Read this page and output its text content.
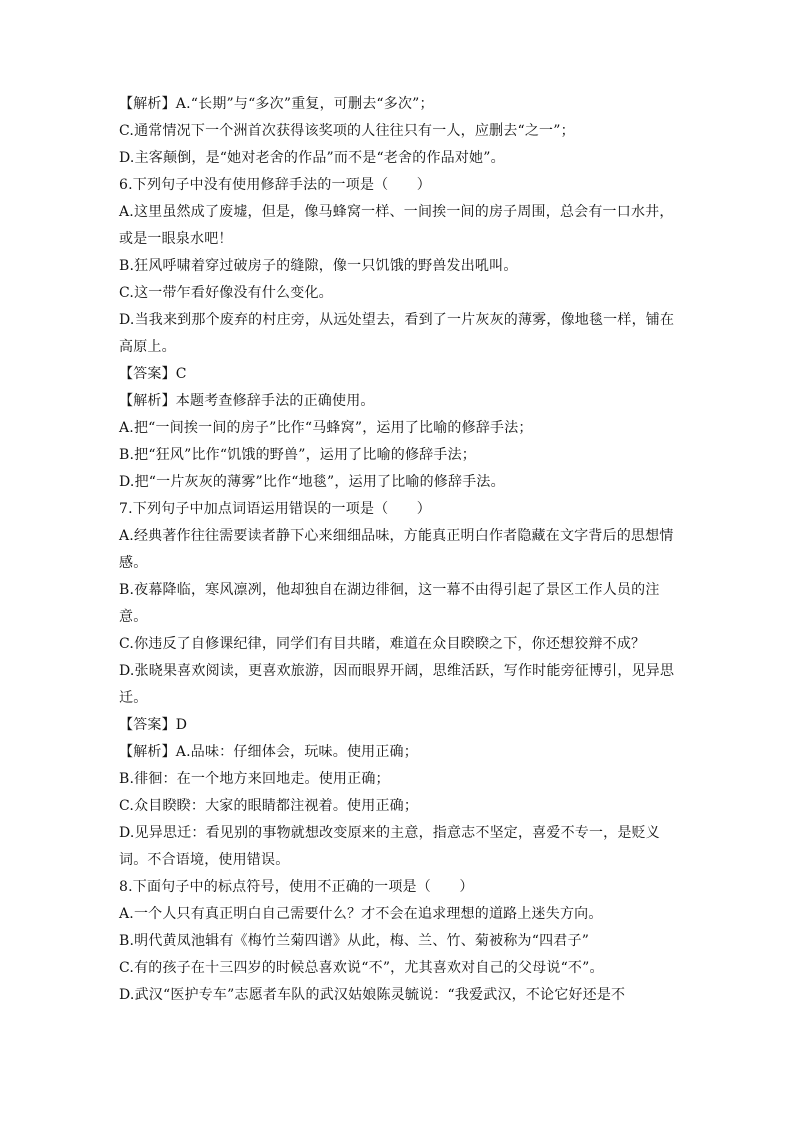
【解析】A.“长期”与“多次”重复，可删去“多次”；
C.通常情况下一个洲首次获得该奖项的人往往只有一人，应删去“之一”；
D.主客颠倒，是“她对老舍的作品”而不是“老舍的作品对她”。
6.下列句子中没有使用修辞手法的一项是（　　）
A.这里虽然成了废墟，但是，像马蜂窝一样、一间挨一间的房子周围，总会有一口水井，
或是一眼泉水吧！
B.狂风呼啸着穿过破房子的缝隙，像一只饥饿的野兽发出吼叫。
C.这一带乍看好像没有什么变化。
D.当我来到那个废弃的村庄旁，从远处望去，看到了一片灰灰的薄雾，像地毯一样，铺在
高原上。
【答案】C
【解析】本题考查修辞手法的正确使用。
A.把“一间挨一间的房子”比作“马蜂窝”，运用了比喻的修辞手法；
B.把“狂风”比作“饥饿的野兽”，运用了比喻的修辞手法；
D.把“一片灰灰的薄雾”比作“地毯”，运用了比喻的修辞手法。
7.下列句子中加点词语运用错误的一项是（　　）
A.经典著作往往需要读者静下心来细细品味，方能真正明白作者隐藏在文字背后的思想情
感。
B.夜幕降临，寒风凛冽，他却独自在湖边徘徊，这一幕不由得引起了景区工作人员的注
意。
C.你违反了自修课纪律，同学们有目共睹，难道在众目睽睽之下，你还想狡辩不成？
D.张晓果喜欢阅读，更喜欢旅游，因而眼界开阔，思维活跃，写作时能旁征博引，见异思
迁。
【答案】D
【解析】A.品味：仔细体会，玩味。使用正确；
B.徘徊：在一个地方来回地走。使用正确；
C.众目睽睽：大家的眼睛都注视着。使用正确；
D.见异思迁：看见别的事物就想改变原来的主意，指意志不坚定，喜爱不专一，是贬义
词。不合语境，使用错误。
8.下面句子中的标点符号，使用不正确的一项是（　　）
A.一个人只有真正明白自己需要什么？才不会在追求理想的道路上迷失方向。
B.明代黄凤池辑有《梅竹兰菊四谱》从此，梅、兰、竹、菊被称为“四君子”
C.有的孩子在十三四岁的时候总喜欢说“不”，尤其喜欢对自己的父母说“不”。
D.武汉“医护专车”志愿者车队的武汉姑娘陈灵毓说：“我爱武汉，不论它好还是不
